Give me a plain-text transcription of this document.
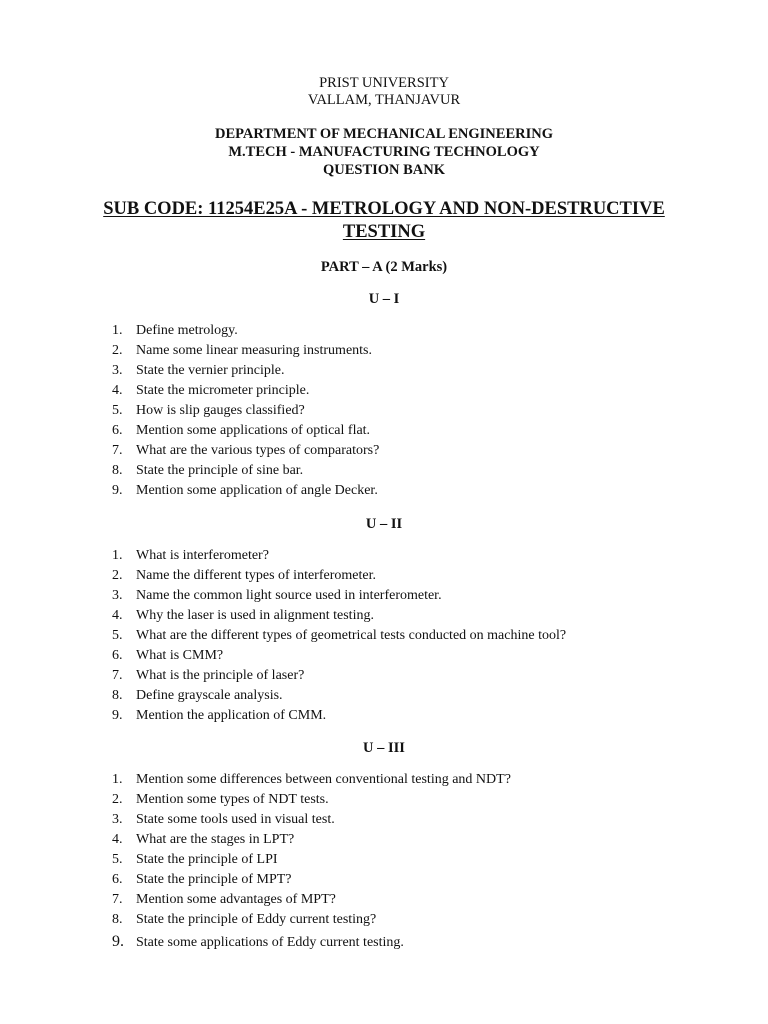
PRIST UNIVERSITY
VALLAM, THANJAVUR
DEPARTMENT OF MECHANICAL ENGINEERING
M.TECH - MANUFACTURING TECHNOLOGY
QUESTION BANK
SUB CODE: 11254E25A - METROLOGY AND NON-DESTRUCTIVE
TESTING
PART – A (2 Marks)
U – I
1. Define metrology.
2. Name some linear measuring instruments.
3. State the vernier principle.
4. State the micrometer principle.
5. How is slip gauges classified?
6. Mention some applications of optical flat.
7. What are the various types of comparators?
8. State the principle of sine bar.
9. Mention some application of angle Decker.
U – II
1. What is interferometer?
2. Name the different types of interferometer.
3. Name the common light source used in interferometer.
4. Why the laser is used in alignment testing.
5. What are the different types of geometrical tests conducted on machine tool?
6. What is CMM?
7. What is the principle of laser?
8. Define grayscale analysis.
9. Mention the application of CMM.
U – III
1. Mention some differences between conventional testing and NDT?
2. Mention some types of NDT tests.
3. State some tools used in visual test.
4. What are the stages in LPT?
5. State the principle of LPI
6. State the principle of MPT?
7. Mention some advantages of MPT?
8. State the principle of Eddy current testing?
9. State some applications of Eddy current testing.
